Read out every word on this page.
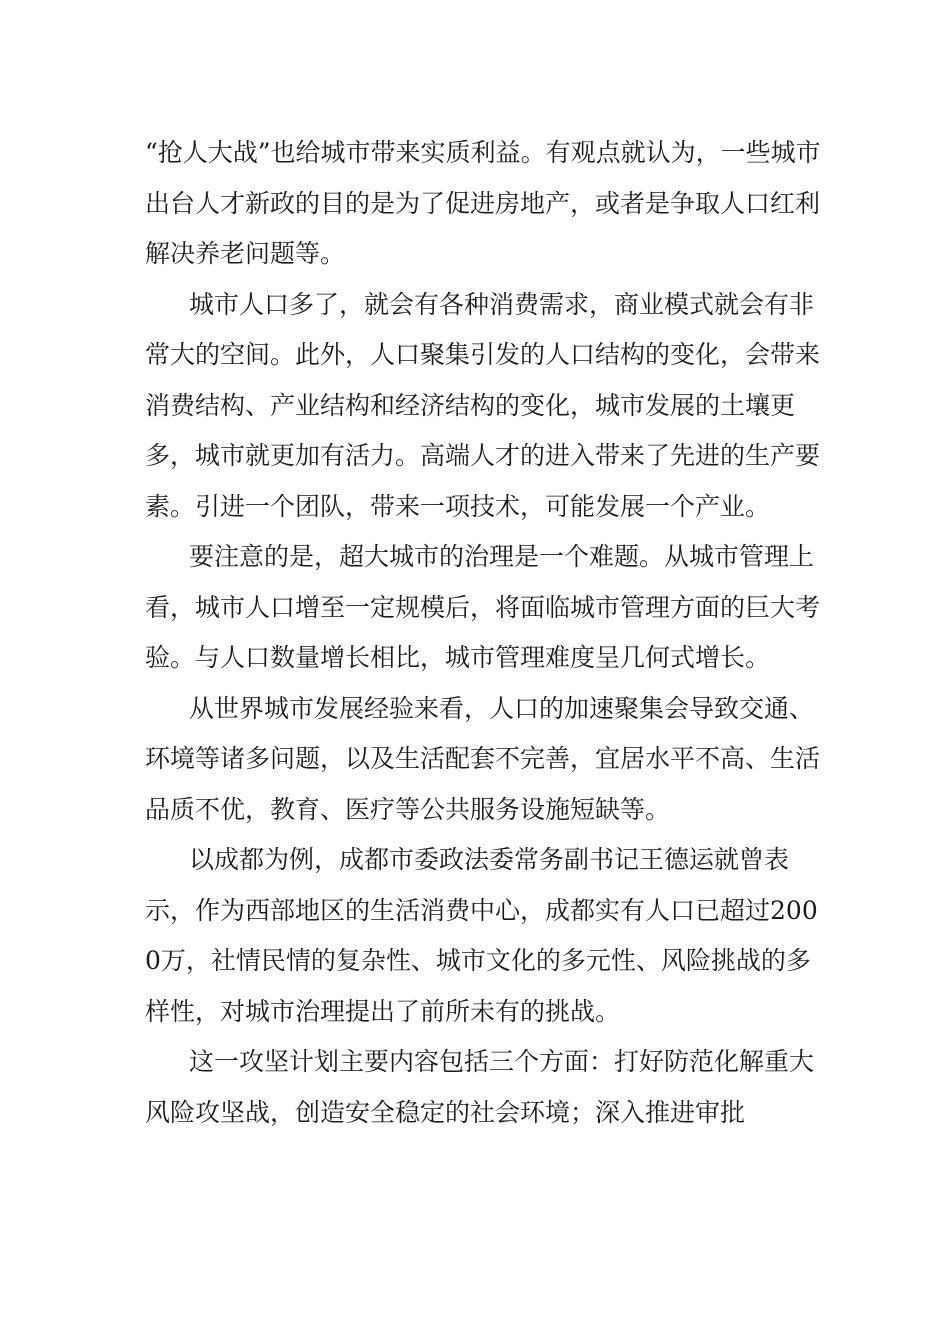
“抢人大战”也给城市带来实质利益。有观点就认为，一些城市出台人才新政的目的是为了促进房地产，或者是争取人口红利解决养老问题等。

城市人口多了，就会有各种消费需求，商业模式就会有非常大的空间。此外，人口聚集引发的人口结构的变化，会带来消费结构、产业结构和经济结构的变化，城市发展的土壤更多，城市就更加有活力。高端人才的进入带来了先进的生产要素。引进一个团队，带来一项技术，可能发展一个产业。

要注意的是，超大城市的治理是一个难题。从城市管理上看，城市人口增至一定规模后，将面临城市管理方面的巨大考验。与人口数量增长相比，城市管理难度呈几何式增长。

从世界城市发展经验来看，人口的加速聚集会导致交通、环境等诸多问题，以及生活配套不完善，宜居水平不高、生活品质不优，教育、医疗等公共服务设施短缺等。

以成都为例，成都市委政法委常务副书记王德运就曾表示，作为西部地区的生活消费中心，成都实有人口已超过2000万，社情民情的复杂性、城市文化的多元性、风险挑战的多样性，对城市治理提出了前所未有的挑战。

这一攻坚计划主要内容包括三个方面：打好防范化解重大风险攻坚战，创造安全稳定的社会环境；深入推进审批
